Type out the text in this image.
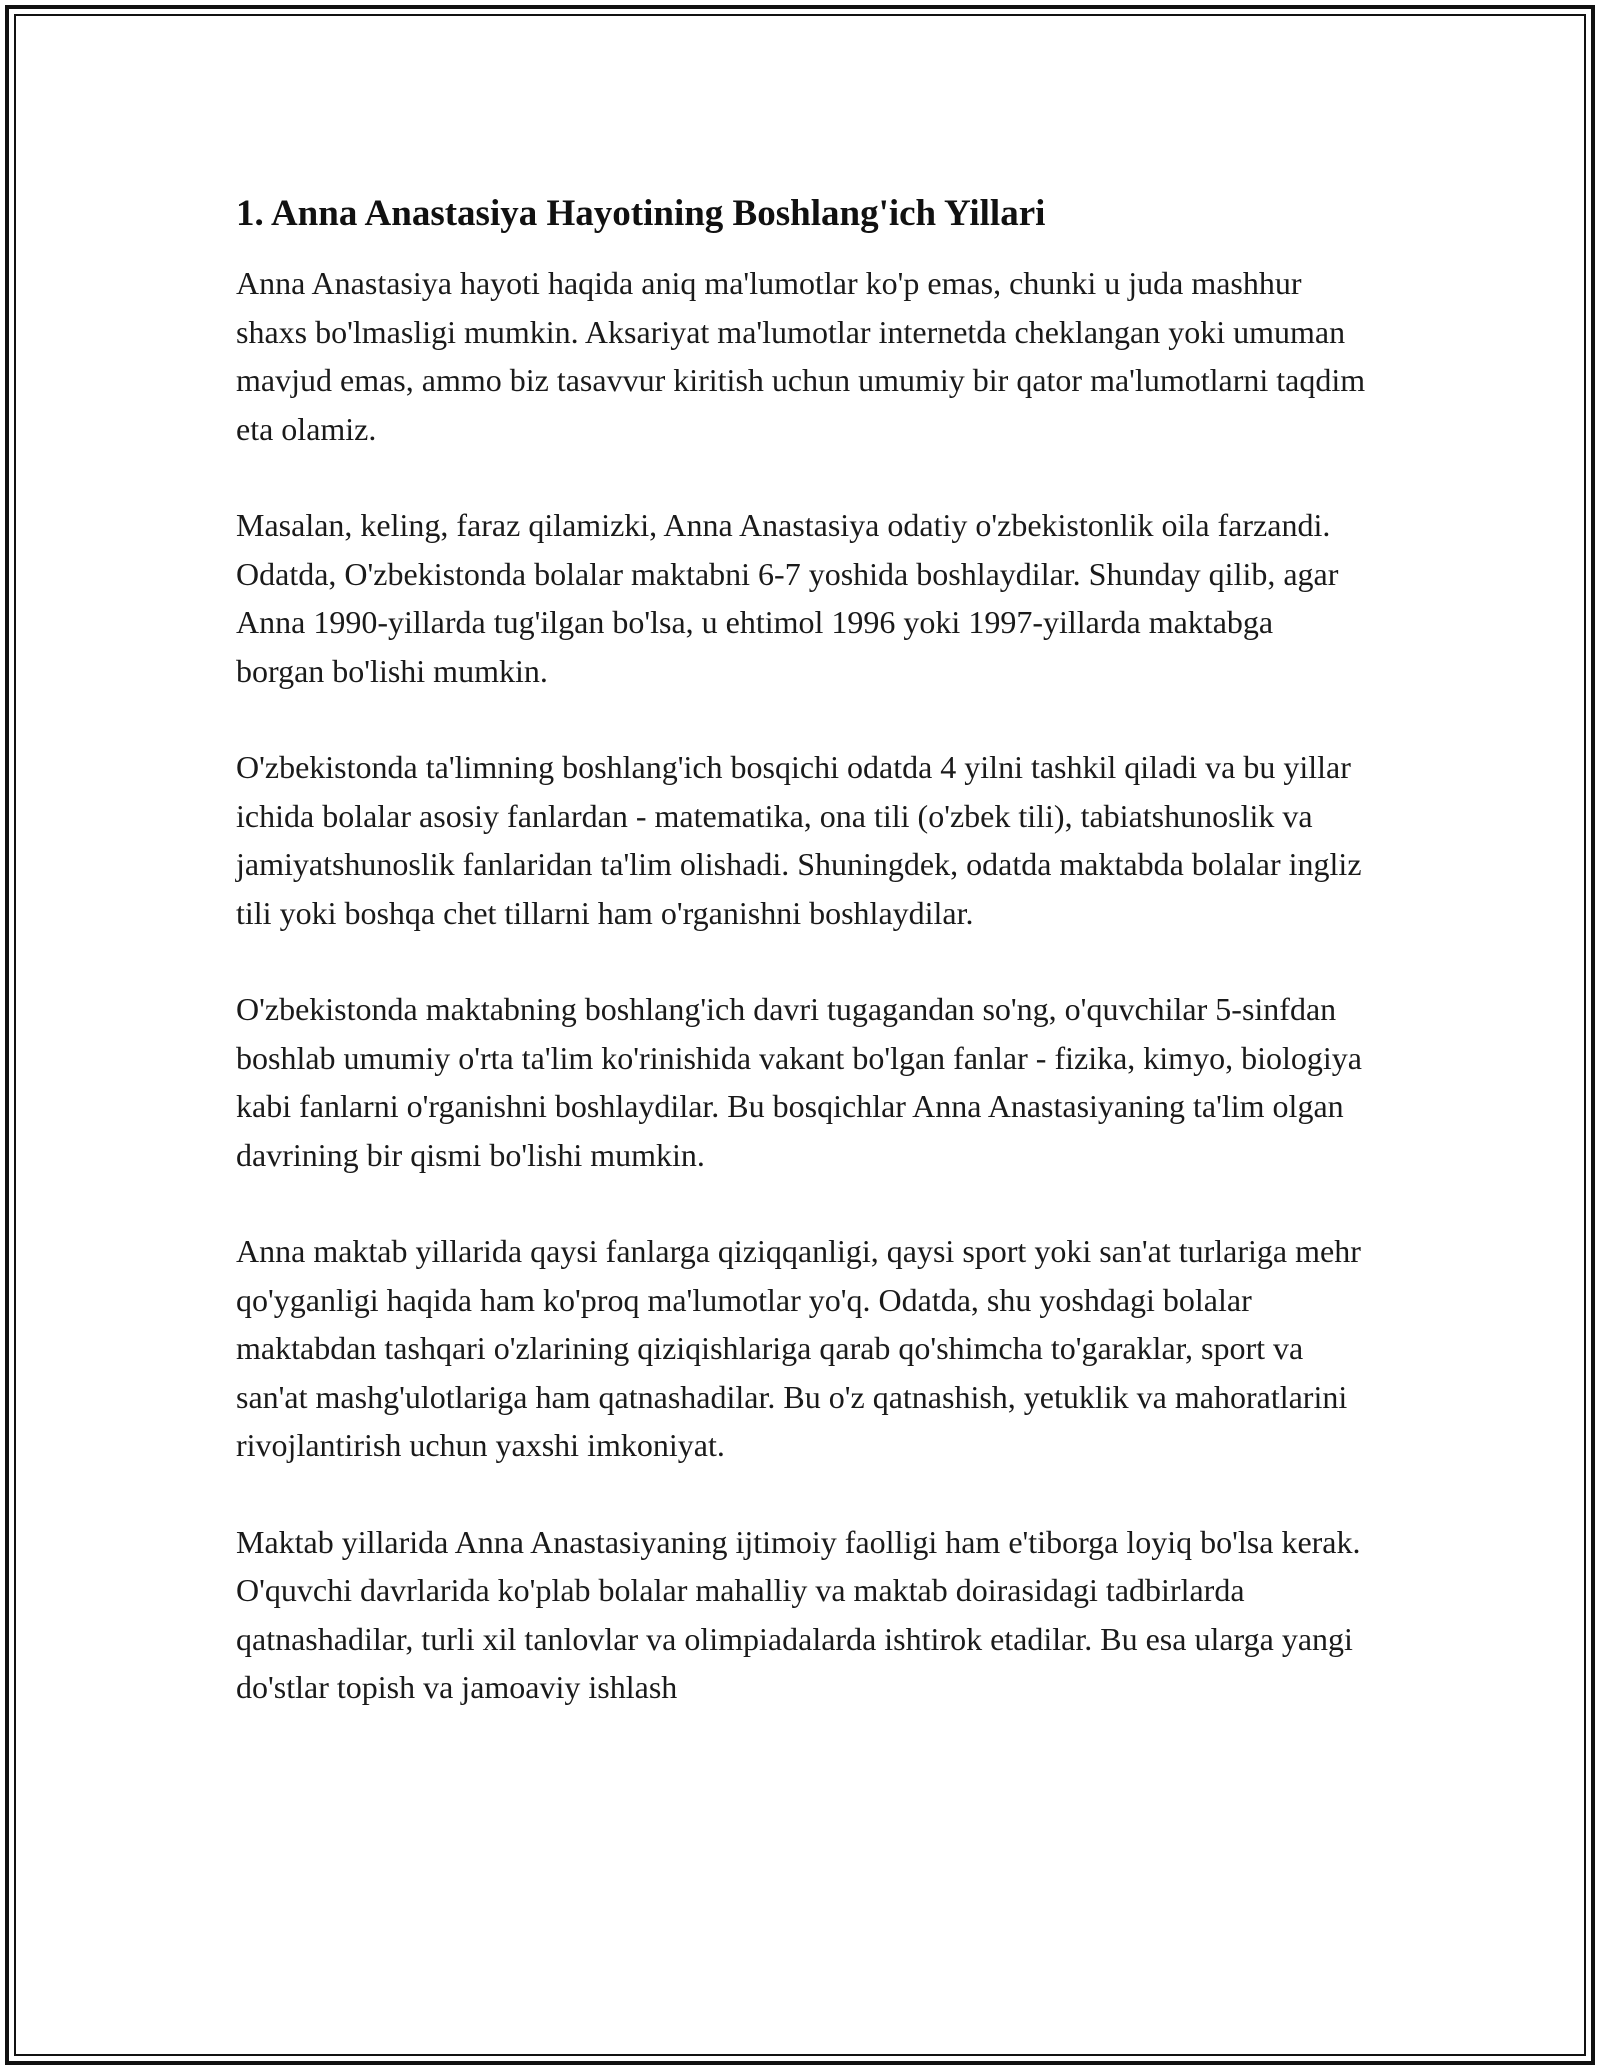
1. Anna Anastasiya Hayotining Boshlang'ich Yillari

Anna Anastasiya hayoti haqida aniq ma'lumotlar ko'p emas, chunki u juda mashhur shaxs bo'lmasligi mumkin. Aksariyat ma'lumotlar internetda cheklangan yoki umuman mavjud emas, ammo biz tasavvur kiritish uchun umumiy bir qator ma'lumotlarni taqdim eta olamiz.

Masalan, keling, faraz qilamizki, Anna Anastasiya odatiy o'zbekistonlik oila farzandi. Odatda, O'zbekistonda bolalar maktabni 6-7 yoshida boshlaydilar. Shunday qilib, agar Anna 1990-yillarda tug'ilgan bo'lsa, u ehtimol 1996 yoki 1997-yillarda maktabga borgan bo'lishi mumkin.

O'zbekistonda ta'limning boshlang'ich bosqichi odatda 4 yilni tashkil qiladi va bu yillar ichida bolalar asosiy fanlardan - matematika, ona tili (o'zbek tili), tabiatshunoslik va jamiyatshunoslik fanlaridan ta'lim olishadi. Shuningdek, odatda maktabda bolalar ingliz tili yoki boshqa chet tillarni ham o'rganishni boshlaydilar.

O'zbekistonda maktabning boshlang'ich davri tugagandan so'ng, o'quvchilar 5-sinfdan boshlab umumiy o'rta ta'lim ko'rinishida vakant bo'lgan fanlar - fizika, kimyo, biologiya kabi fanlarni o'rganishni boshlaydilar. Bu bosqichlar Anna Anastasiyaning ta'lim olgan davrining bir qismi bo'lishi mumkin.

Anna maktab yillarida qaysi fanlarga qiziqqanligi, qaysi sport yoki san'at turlariga mehr qo'yganligi haqida ham ko'proq ma'lumotlar yo'q. Odatda, shu yoshdagi bolalar maktabdan tashqari o'zlarining qiziqishlariga qarab qo'shimcha to'garaklar, sport va san'at mashg'ulotlariga ham qatnashadilar. Bu o'z qatnashish, yetuklik va mahoratlarini rivojlantirish uchun yaxshi imkoniyat.

Maktab yillarida Anna Anastasiyaning ijtimoiy faolligi ham e'tiborga loyiq bo'lsa kerak. O'quvchi davrlarida ko'plab bolalar mahalliy va maktab doirasidagi tadbirlarda qatnashadilar, turli xil tanlovlar va olimpiadalarda ishtirok etadilar. Bu esa ularga yangi do'stlar topish va jamoaviy ishlash
